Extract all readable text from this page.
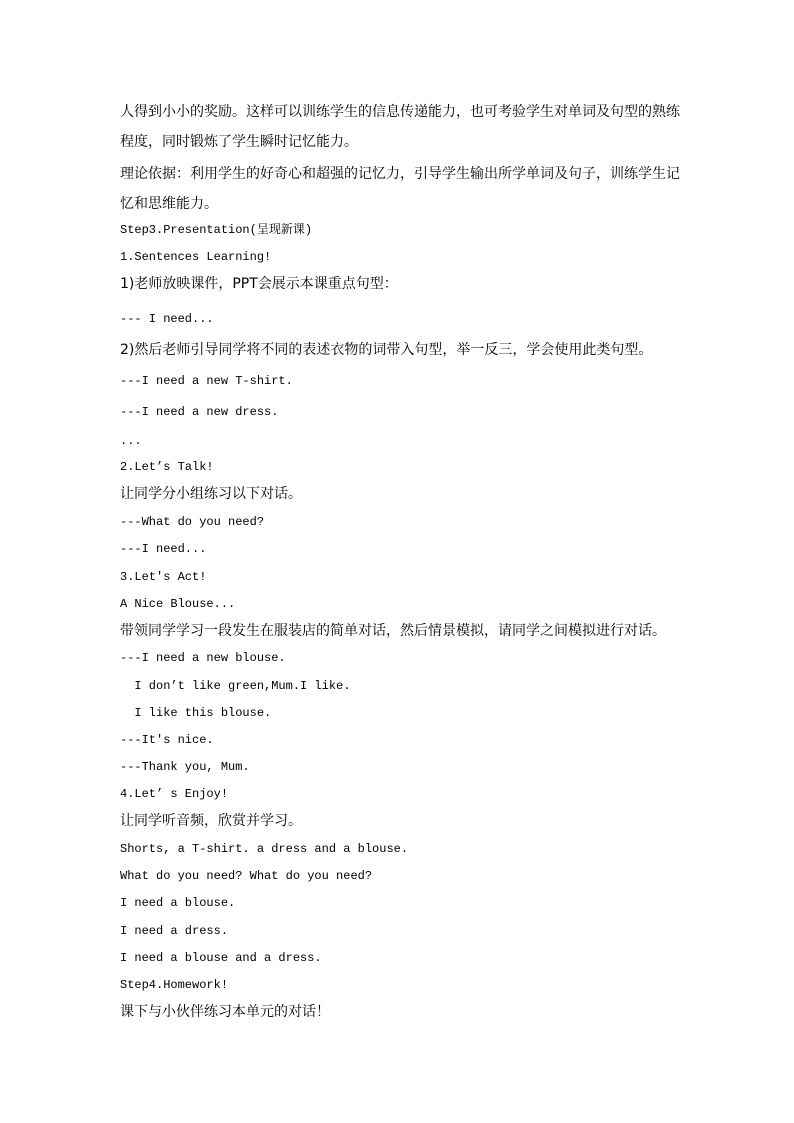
人得到小小的奖励。这样可以训练学生的信息传递能力，也可考验学生对单词及句型的熟练
程度，同时锻炼了学生瞬时记忆能力。
理论依据：利用学生的好奇心和超强的记忆力，引导学生输出所学单词及句子，训练学生记
忆和思维能力。
Step3.Presentation(呈现新课)
1.Sentences Learning!
1)老师放映课件，PPT会展示本课重点句型：
--- I need...
2)然后老师引导同学将不同的表述衣物的词带入句型，举一反三，学会使用此类句型。
---I need a new T-shirt.
---I need a new dress.
...
2.Let’s Talk!
让同学分小组练习以下对话。
---What do you need?
---I need...
3.Let's Act!
A Nice Blouse...
带领同学学习一段发生在服装店的简单对话，然后情景模拟，请同学之间模拟进行对话。
---I need a new blouse.
I don’t like green,Mum.I like.
I like this blouse.
---It's nice.
---Thank you, Mum.
4.Let’ s Enjoy!
让同学听音频，欣赏并学习。
Shorts, a T-shirt. a dress and a blouse.
What do you need? What do you need?
I need a blouse.
I need a dress.
I need a blouse and a dress.
Step4.Homework!
课下与小伙伴练习本单元的对话！
